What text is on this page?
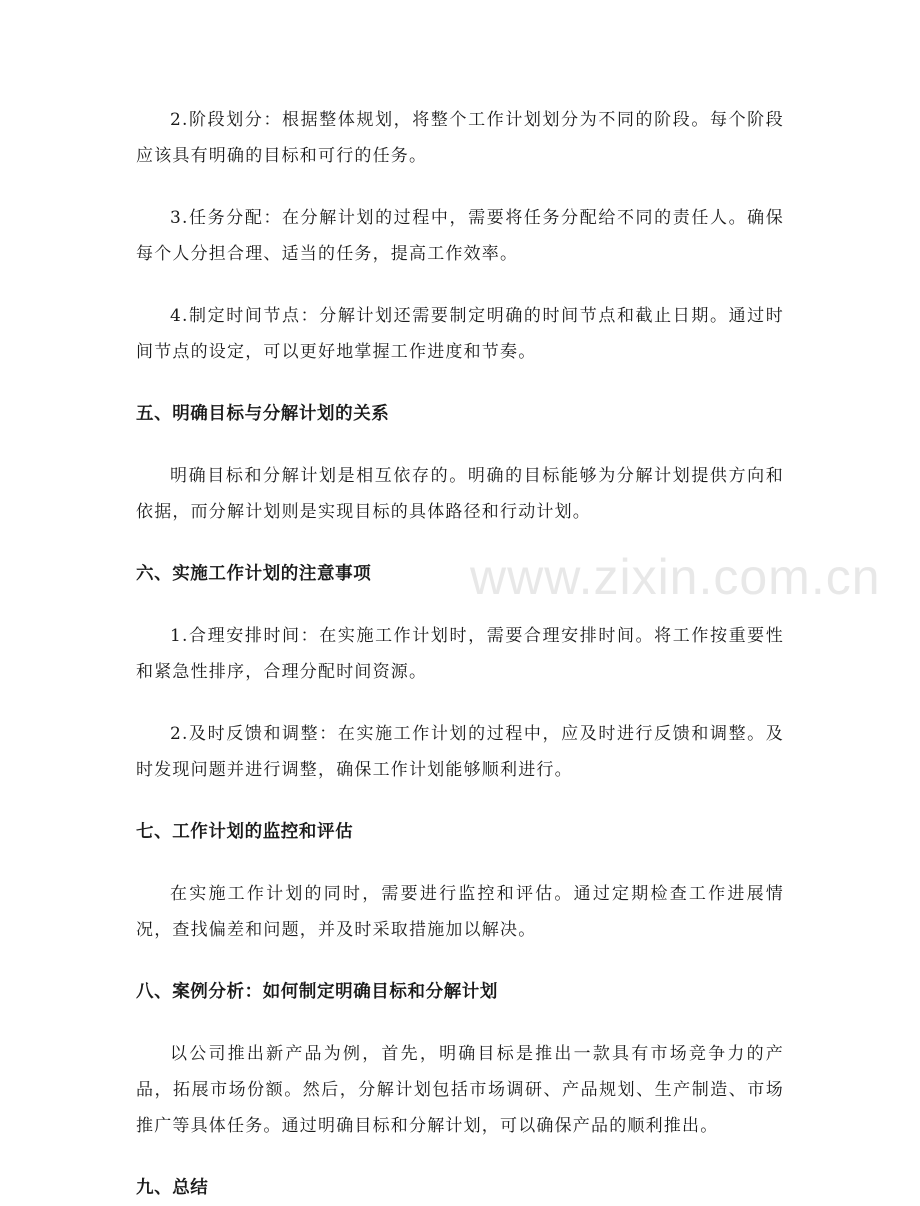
2.阶段划分：根据整体规划，将整个工作计划划分为不同的阶段。每个阶段应该具有明确的目标和可行的任务。

3.任务分配：在分解计划的过程中，需要将任务分配给不同的责任人。确保每个人分担合理、适当的任务，提高工作效率。

4.制定时间节点：分解计划还需要制定明确的时间节点和截止日期。通过时间节点的设定，可以更好地掌握工作进度和节奏。

五、明确目标与分解计划的关系

明确目标和分解计划是相互依存的。明确的目标能够为分解计划提供方向和依据，而分解计划则是实现目标的具体路径和行动计划。

六、实施工作计划的注意事项

1.合理安排时间：在实施工作计划时，需要合理安排时间。将工作按重要性和紧急性排序，合理分配时间资源。

2.及时反馈和调整：在实施工作计划的过程中，应及时进行反馈和调整。及时发现问题并进行调整，确保工作计划能够顺利进行。

七、工作计划的监控和评估

在实施工作计划的同时，需要进行监控和评估。通过定期检查工作进展情况，查找偏差和问题，并及时采取措施加以解决。

八、案例分析：如何制定明确目标和分解计划

以公司推出新产品为例，首先，明确目标是推出一款具有市场竞争力的产品，拓展市场份额。然后，分解计划包括市场调研、产品规划、生产制造、市场推广等具体任务。通过明确目标和分解计划，可以确保产品的顺利推出。

九、总结
www.zixin.com.cn
